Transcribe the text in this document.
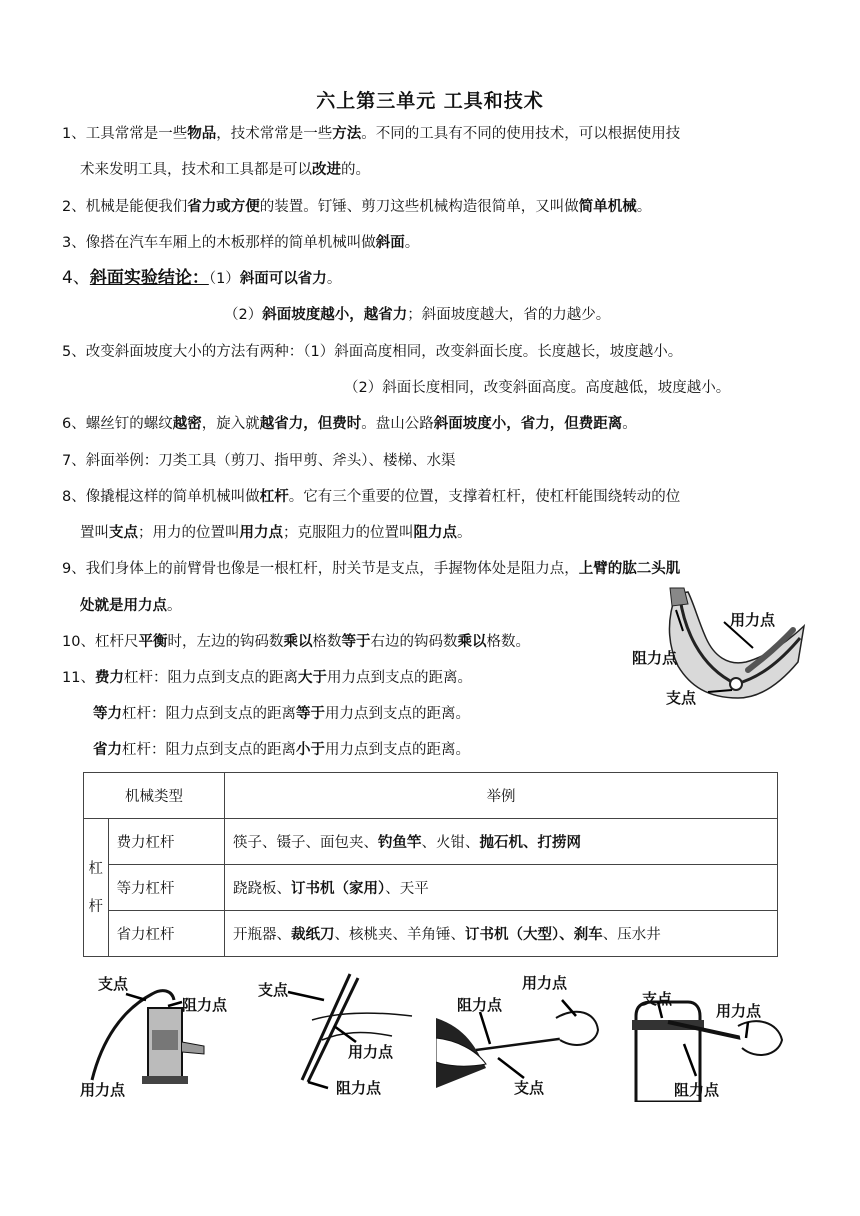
六上第三单元 工具和技术
1、工具常常是一些物品，技术常常是一些方法。不同的工具有不同的使用技术，可以根据使用技
术来发明工具，技术和工具都是可以改进的。
2、机械是能便我们省力或方便的装置。钉锤、剪刀这些机械构造很简单，又叫做简单机械。
3、像搭在汽车车厢上的木板那样的简单机械叫做斜面。
4、斜面实验结论：（1）斜面可以省力。
（2）斜面坡度越小，越省力；斜面坡度越大，省的力越少。
5、改变斜面坡度大小的方法有两种：（1）斜面高度相同，改变斜面长度。长度越长，坡度越小。
（2）斜面长度相同，改变斜面高度。高度越低，坡度越小。
6、螺丝钉的螺纹越密，旋入就越省力，但费时。盘山公路斜面坡度小，省力，但费距离。
7、斜面举例：刀类工具（剪刀、指甲剪、斧头）、楼梯、水渠
8、像撬棍这样的简单机械叫做杠杆。它有三个重要的位置，支撑着杠杆，使杠杆能围绕转动的位
置叫支点；用力的位置叫用力点；克服阻力的位置叫阻力点。
9、我们身体上的前臂骨也像是一根杠杆，肘关节是支点，手握物体处是阻力点，上臂的肱二头肌
处就是用力点。
10、杠杆尺平衡时，左边的钩码数乘以格数等于右边的钩码数乘以格数。
11、费力杠杆：阻力点到支点的距离大于用力点到支点的距离。
等力杠杆：阻力点到支点的距离等于用力点到支点的距离。
省力杠杆：阻力点到支点的距离小于用力点到支点的距离。
用力点
阻力点
支点
机械类型		举例
杠
杆	费力杠杆	筷子、镊子、面包夹、钓鱼竿、火钳、抛石机、打捞网
	等力杠杆	跷跷板、订书机（家用）、天平
	省力杠杆	开瓶器、裁纸刀、核桃夹、羊角锤、订书机（大型）、刹车、压水井
支点
阻力点
用力点
支点
用力点
阻力点
用力点
阻力点
支点
支点
用力点
阻力点
